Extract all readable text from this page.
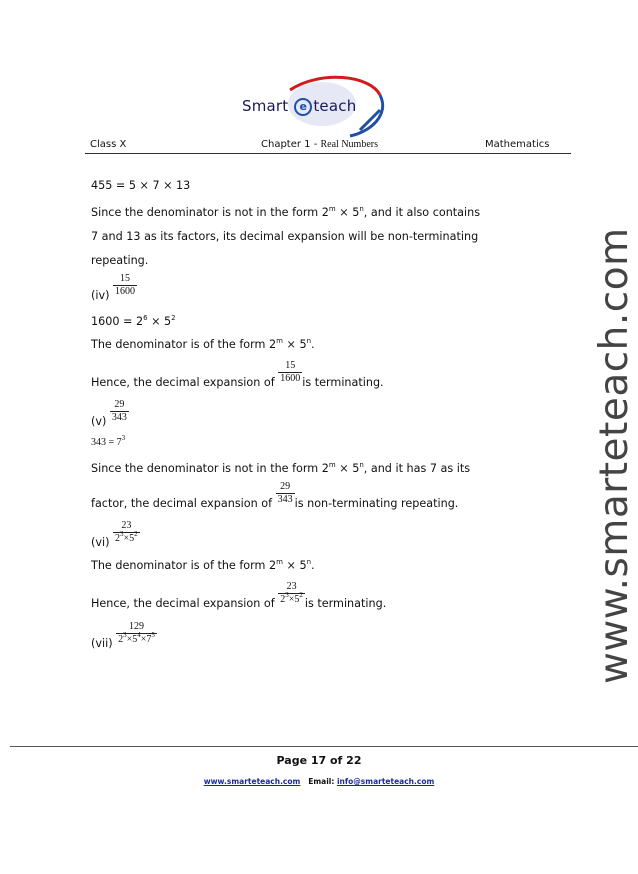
Smart e teach
Class X	Chapter 1 - Real Numbers	Mathematics
455 = 5 × 7 × 13
Since the denominator is not in the form $2^m \times 5^n$, and it also contains
7 and 13 as its factors, its decimal expansion will be non-terminating
repeating.
$(iv) \frac{15}{1600}$
$1600 = 2^6 \times 5^2$
The denominator is of the form $2^m \times 5^n$.
Hence, the decimal expansion of $\frac{15}{1600}$ is terminating.
$(v) \frac{29}{343}$
$343 = 7^3$
Since the denominator is not in the form $2^m \times 5^n$, and it has 7 as its
factor, the decimal expansion of $\frac{29}{343}$ is non-terminating repeating.
$(vi) \frac{23}{2^3\times 5^2}$
The denominator is of the form $2^m \times 5^n$.
Hence, the decimal expansion of $\frac{23}{2^3\times 5^2}$ is terminating.
$(vii) \frac{129}{2^3\times 5^4\times 7^5}$	www.smarteteach.com
Page 17 of 22
www.smarteteach.com Email: info@smarteteach.com
